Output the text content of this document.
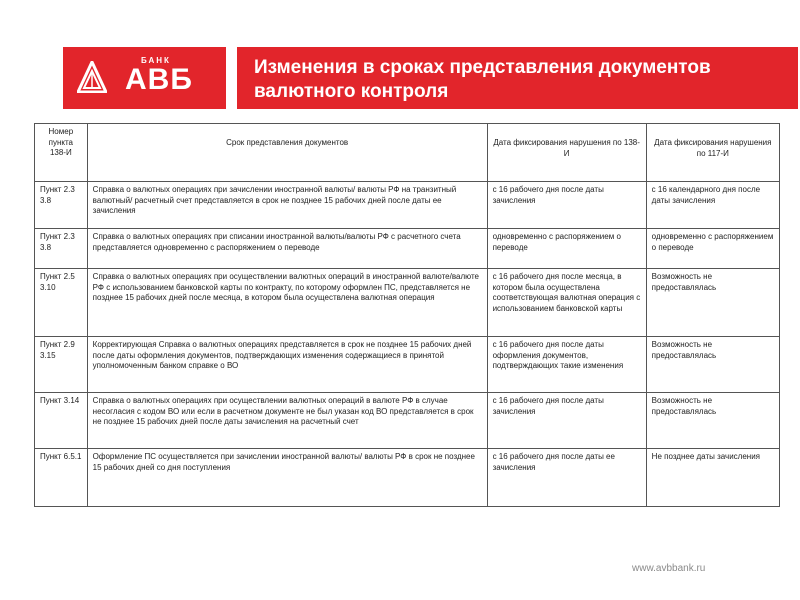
БАНК
АВБ	Изменения в сроках представления документов валютного контроля
Номер пункта 138-И	Срок представления документов	Дата фиксирования нарушения по 138-И	Дата фиксирования нарушения по 117-И
Пункт 2.3 3.8	Справка о валютных операциях при зачислении иностранной валюты/ валюты РФ на транзитный валютный/ расчетный счет представляется в срок не позднее 15 рабочих дней после даты ее зачисления	с 16 рабочего дня после даты зачисления	с 16 календарного дня после даты зачисления
Пункт 2.3 3.8	Справка о валютных операциях при списании иностранной валюты/валюты РФ с расчетного счета представляется одновременно с распоряжением о переводе	одновременно с распоряжением о переводе	одновременно с распоряжением о переводе
Пункт 2.5 3.10	Справка о валютных операциях при осуществлении валютных операций в иностранной валюте/валюте РФ с использованием банковской карты по контракту, по которому оформлен ПС, представляется не позднее 15 рабочих дней после месяца, в котором была осуществлена валютная операция	с 16 рабочего дня после месяца, в котором была осуществлена соответствующая валютная операция с использованием банковской карты	Возможность не предоставлялась
Пункт 2.9 3.15	Корректирующая Справка о валютных операциях представляется в срок не позднее 15 рабочих дней после даты оформления документов, подтверждающих изменения содержащиеся в принятой уполномоченным банком справке о ВО	с 16 рабочего дня после даты оформления документов, подтверждающих такие изменения	Возможность не предоставлялась
Пункт 3.14	Справка о валютных операциях при осуществлении валютных операций в валюте РФ в случае несогласия с кодом ВО или если в расчетном документе не был указан код ВО представляется в срок не позднее 15 рабочих дней после даты зачисления на расчетный счет	с 16 рабочего дня после даты зачисления	Возможность не предоставлялась
Пункт 6.5.1	Оформление ПС осуществляется при зачислении иностранной валюты/ валюты РФ в срок не позднее 15 рабочих дней со дня поступления	с 16 рабочего дня после даты ее зачисления	Не позднее даты зачисления
www.avbbank.ru
